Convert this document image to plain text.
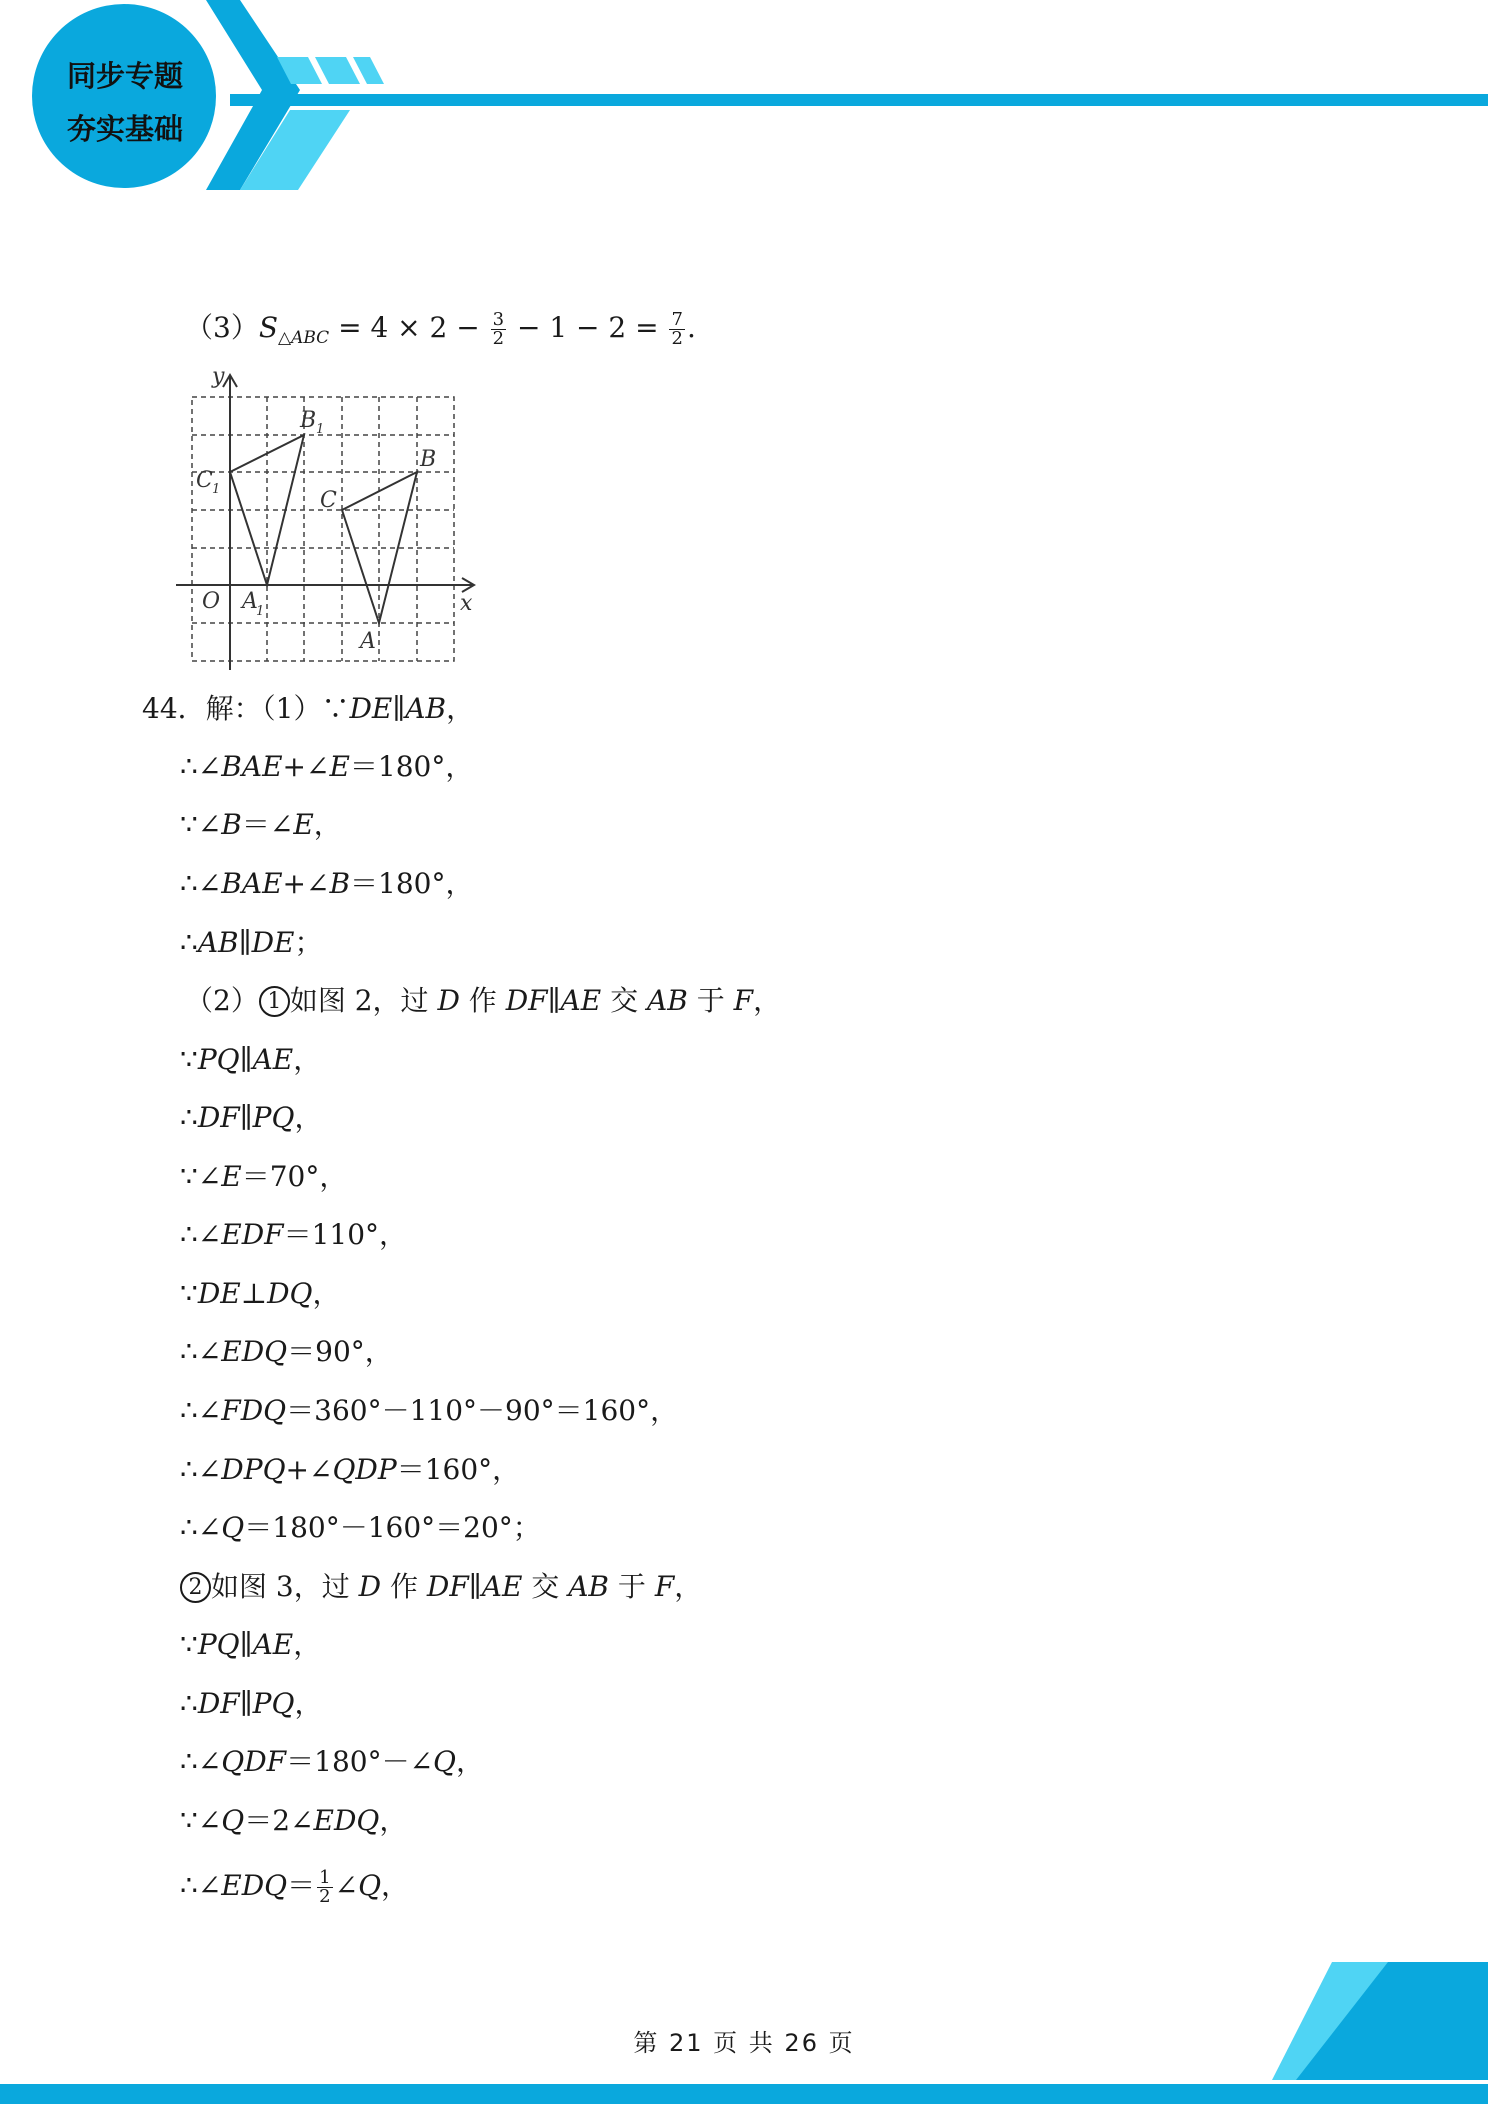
同步专题
夯实基础
$(3)S_{\triangle ABC} = 4 \times 2 - \frac{3}{2} - 1 - 2 = \frac{7}{2}$ .
y
x
O A
1
B 1
C 1
B
C
A
44．解：（1）∵DE∥AB，
∴∠BAE+∠E＝180°，
∵∠B＝∠E，
∴∠BAE+∠B＝180°，
∴AB∥DE；
（2） 1 如图 2，过 D 作 DF∥AE 交 AB 于 F，
∵PQ∥AE，
∴DF∥PQ，
∵∠E＝70°，
∴∠EDF＝110°，
∵DE⊥DQ，
∴∠EDQ＝90°，
∴∠FDQ＝360°－110°－90°＝160°，
∴∠DPQ+∠QDP＝160°，
∴∠Q＝180°－160°＝20°；
2 如图 3，过 D 作 DF∥AE 交 AB 于 F，
∵PQ∥AE，
∴DF∥PQ，
∴∠QDF＝180°－∠Q，
∵∠Q＝2∠EDQ，
∴∠EDQ＝ $\frac{1}{2}$ ∠Q，
第 21 页 共 26 页
